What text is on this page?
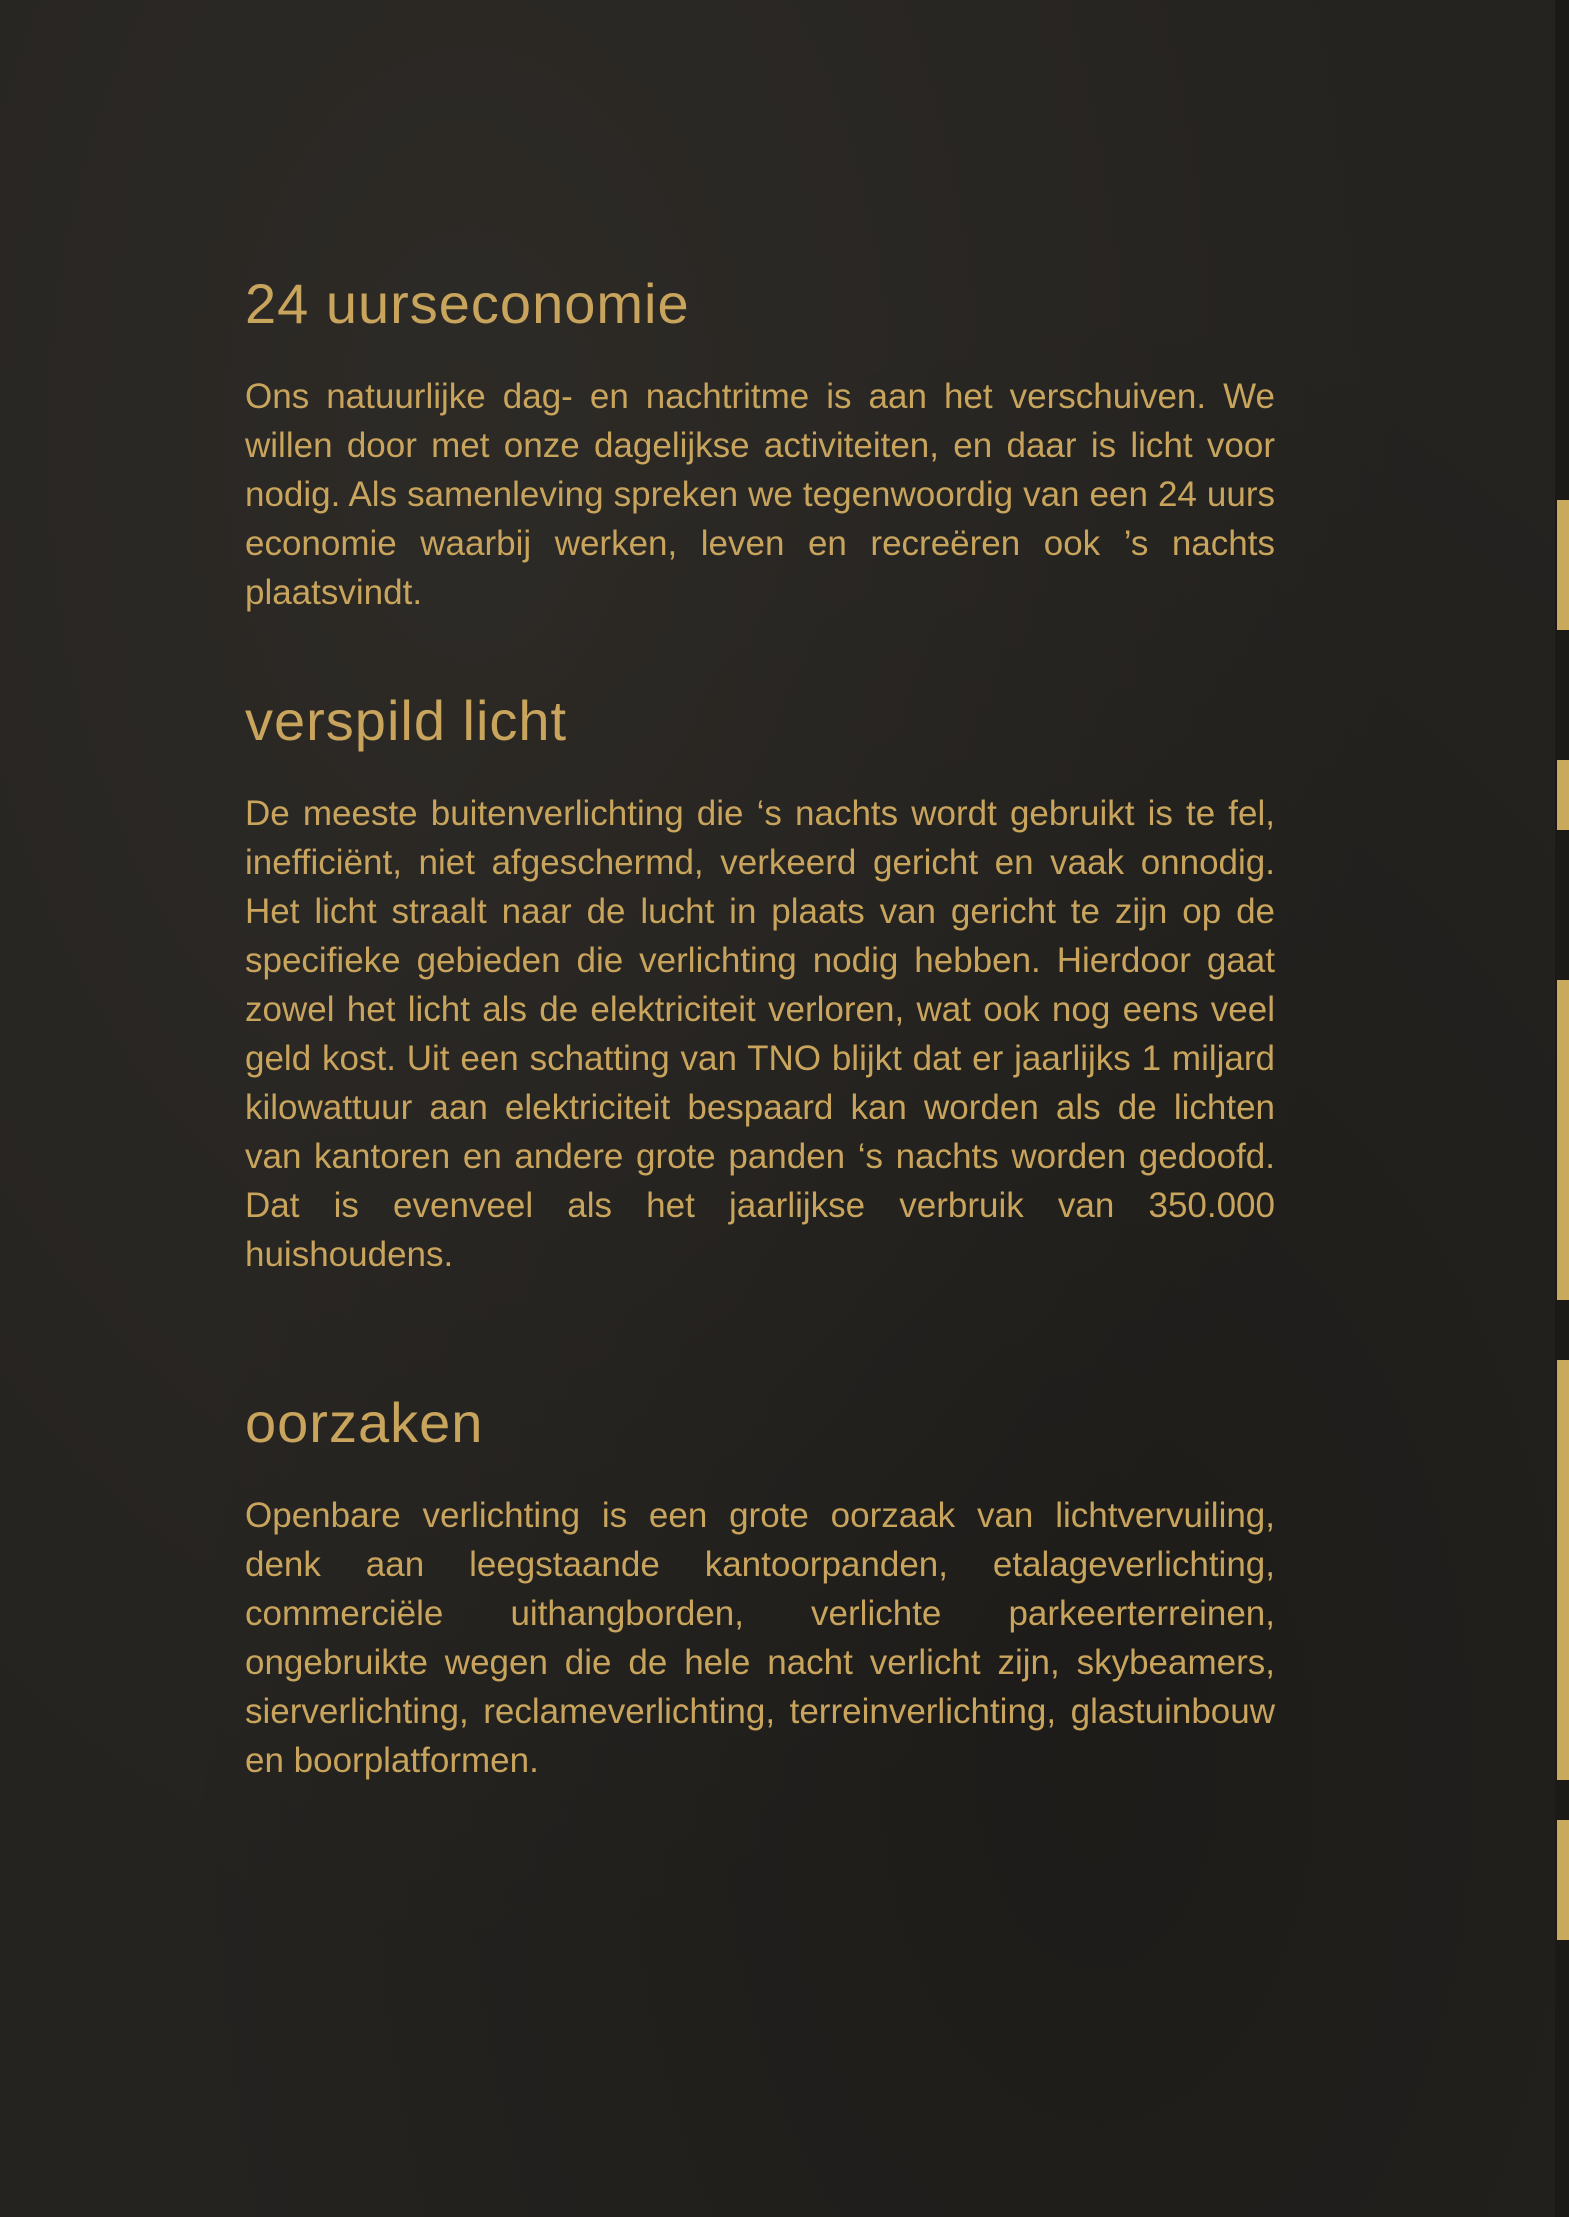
24 uurseconomie

Ons natuurlijke dag- en nachtritme is aan het verschuiven. We willen door met onze dagelijkse activiteiten, en daar is licht voor nodig. Als samenleving spreken we tegenwoordig van een 24 uurs economie waarbij werken, leven en recreëren ook ’s nachts plaatsvindt.

verspild licht

De meeste buitenverlichting die ‘s nachts wordt gebruikt is te fel, inefficiënt, niet afgeschermd, verkeerd gericht en vaak onnodig. Het licht straalt naar de lucht in plaats van gericht te zijn op de specifieke gebieden die verlichting nodig hebben. Hierdoor gaat zowel het licht als de elektriciteit verloren, wat ook nog eens veel geld kost. Uit een schatting van TNO blijkt dat er jaarlijks 1 miljard kilowattuur aan elektriciteit bespaard kan worden als de lichten van kantoren en andere grote panden ‘s nachts worden gedoofd. Dat is evenveel als het jaarlijkse verbruik van 350.000 huishoudens.

oorzaken

Openbare verlichting is een grote oorzaak van lichtvervuiling, denk aan leegstaande kantoorpanden, etalageverlichting, commerciële uithangborden, verlichte parkeerterreinen, ongebruikte wegen die de hele nacht verlicht zijn, skybeamers, sierverlichting, reclameverlichting, terreinverlichting, glastuinbouw en boorplatformen.
